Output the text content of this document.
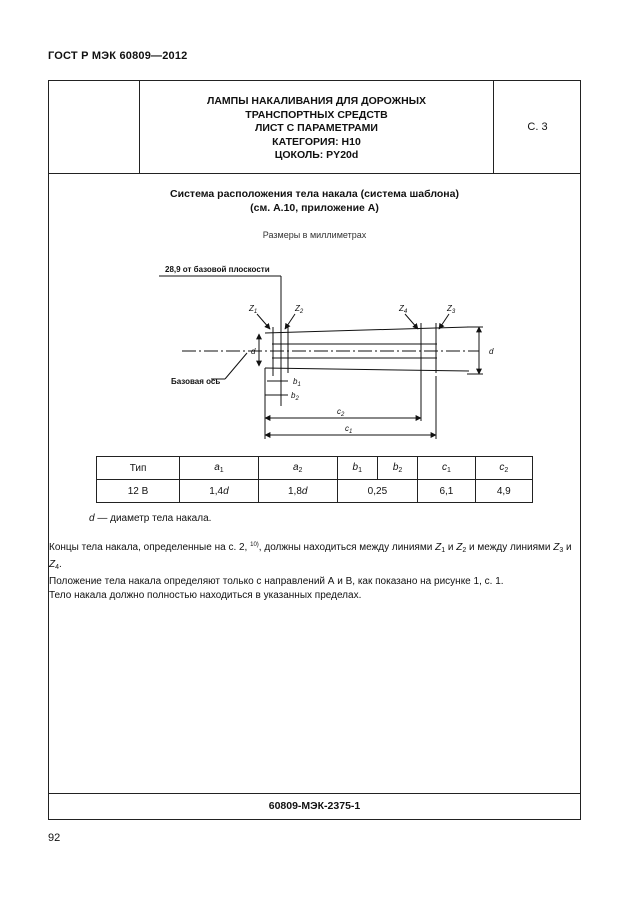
ГОСТ Р МЭК 60809—2012
ЛАМПЫ НАКАЛИВАНИЯ ДЛЯ ДОРОЖНЫХ
ТРАНСПОРТНЫХ СРЕДСТВ
ЛИСТ С ПАРАМЕТРАМИ
КАТЕГОРИЯ: Н10
ЦОКОЛЬ: PY20d
С. 3
Система расположения тела накала (система шаблона)
(см. А.10, приложение А)
Размеры в миллиметрах
28,9 от базовой плоскости
Базовая ось
d	d
$Z_1$	$Z_2$	$Z_4$	$Z_3$
$b_1$
$b_2$
$c_2$
$c_1$
Тип	$a_1$	$a_2$	$b_1$	$b_2$	$c_1$	$c_2$
12 В	1,4d	1,8d	0,25		6,1	4,9
d — диаметр тела накала.

Концы тела накала, определенные на с. 2, $^{10)}$, должны находиться между линиями $Z_1$ и $Z_2$ и между линиями $Z_3$ и $Z_4$.

Положение тела накала определяют только с направлений А и В, как показано на рисунке 1, с. 1.

Тело накала должно полностью находиться в указанных пределах.

60809-МЭК-2375-1
92
